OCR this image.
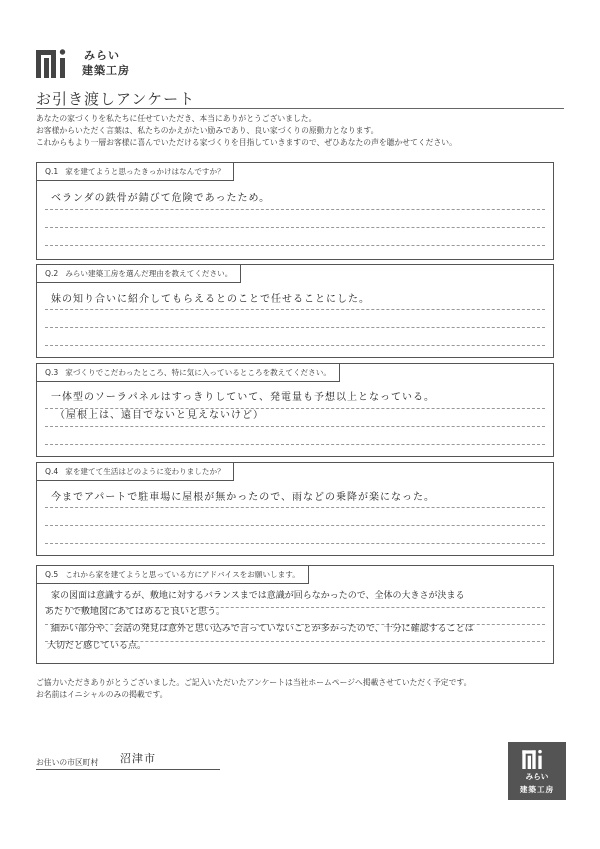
みらい
建築工房
お引き渡しアンケート
あなたの家づくりを私たちに任せていただき、本当にありがとうございました。
お客様からいただく言葉は、私たちのかえがたい励みであり、良い家づくりの原動力となります。
これからもより一層お客様に喜んでいただける家づくりを目指していきますので、ぜひあなたの声を聴かせてください。
Q.1 家を建てようと思ったきっかけはなんですか？
ベランダの鉄骨が錆びて危険であったため。
Q.2 みらい建築工房を選んだ理由を教えてください。
妹の知り合いに紹介してもらえるとのことで任せることにした。
Q.3 家づくりでこだわったところ、特に気に入っているところを教えてください。
一体型のソーラパネルはすっきりしていて、発電量も予想以上となっている。
（屋根上は、遠目でないと見えないけど）
Q.4 家を建てて生活はどのように変わりましたか？
今までアパートで駐車場に屋根が無かったので、雨などの乗降が楽になった。
Q.5 これから家を建てようと思っている方にアドバイスをお願いします。
家の図面は意識するが、敷地に対するバランスまでは意識が回らなかったので、全体の大きさが決まる
あたりで敷地図にあてはめると良いと思う。
細かい部分や、会話の発見は意外と思い込みで言っていないことが多かったので、十分に確認することは
大切だと感じている点。
ご協力いただきありがとうございました。ご記入いただいたアンケートは当社ホームページへ掲載させていただく予定です。
お名前はイニシャルのみの掲載です。
お住いの市区町村	沼津市
みらい
建築工房
